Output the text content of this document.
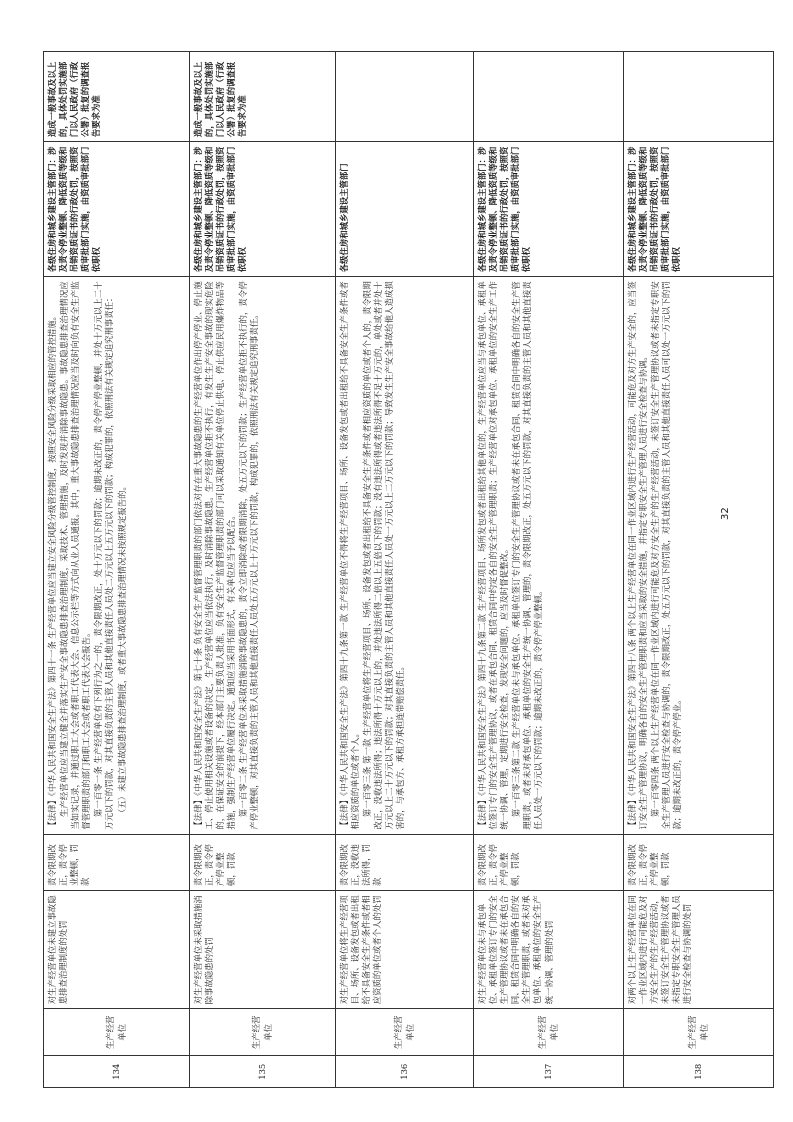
134	生产经营单位	对生产经营单位未建立事故隐患排查治理制度的处罚	责令限期改正，责令停业整顿，罚款	【法律】《中华人民共和国安全生产法》第四十一条 生产经营单位应当建立安全风险分级管控制度，按照安全风险分级采取相应的管控措施。 生产经营单位应当建立健全并落实生产安全事故隐患排查治理制度，采取技术、管理措施，及时发现并消除事故隐患。事故隐患排查治理情况应当如实记录，并通过职工大会或者职工代表大会、信息公示栏等方式向从业人员通报。其中，重大事故隐患排查治理情况应当及时向负有安全生产监督管理职责的部门和职工大会或者职工代表大会报告。 第一百零一条 生产经营单位有下列行为之一的，责令限期改正，处十万元以下的罚款；逾期未改正的，责令停产停业整顿，并处十万元以上二十万元以下的罚款，对其直接负责的主管人员和其他直接责任人员处二万元以上五万元以下的罚款；构成犯罪的，依照刑法有关规定追究刑事责任： （五）未建立事故隐患排查治理制度，或者重大事故隐患排查治理情况未按照规定报告的。	各级住房和城乡建设主管部门：涉及责令停业整顿、降低资质等级和吊销资质证书的行政处罚，按照资质审批部门实施，由资质审批部门依职权	造成一般事故及以上的，具体处罚实施部门以人民政府（行政公署）批复的调查报告要求为准
135	生产经营单位	对生产经营单位未采取措施消除事故隐患的处罚	责令限期改正，责令停产停业整顿，罚款	【法律】《中华人民共和国安全生产法》第七十条 负有安全生产监督管理职责的部门依法对存在重大事故隐患的生产经营单位作出停产停业、停止施工、停止使用相关设施或者设备的决定，生产经营单位应当依法执行，及时消除事故隐患。生产经营单位拒不执行，有发生生产安全事故的现实危险的，在保证安全的前提下，经本部门主要负责人批准，负有安全生产监督管理职责的部门可以采取通知有关单位停止供电、停止供应民用爆炸物品等措施，强制生产经营单位履行决定。通知应当采用书面形式，有关单位应当予以配合。 第一百零二条 生产经营单位未采取措施消除事故隐患的，责令立即消除或者限期消除，处五万元以下的罚款；生产经营单位拒不执行的，责令停产停业整顿，对其直接负责的主管人员和其他直接责任人员处五万元以上十万元以下的罚款，构成犯罪的，依照刑法有关规定追究刑事责任。	各级住房和城乡建设主管部门：涉及责令停业整顿、降低资质等级和吊销资质证书的行政处罚，按照资质审批部门实施，由资质审批部门依职权	造成一般事故及以上的，具体处罚实施部门以人民政府（行政公署）批复的调查报告要求为准
136	生产经营单位	对生产经营单位将生产经营项目、场所、设备发包或者出租给不具备安全生产条件或者相应资质的单位或者个人的处罚	责令限期改正，没收违法所得，罚款	【法律】《中华人民共和国安全生产法》第四十九条第一款 生产经营单位不得将生产经营项目、场所、设备发包或者出租给不具备安全生产条件或者相应资质的单位或者个人。 第一百零三条 第一款 生产经营单位将生产经营项目、场所、设备发包或者出租给不具备安全生产条件或者相应资质的单位或者个人的，责令限期改正，没收违法所得；违法所得十万元以上的，并处违法所得二倍以上五倍以下的罚款；没有违法所得或者违法所得不足十万元的，单处或者并处十万元以上二十万元以下的罚款；对其直接负责的主管人员和其他直接责任人员处一万元以上二万元以下的罚款；导致发生生产安全事故给他人造成损害的，与承包方、承租方承担连带赔偿责任。	各级住房和城乡建设主管部门	
137	生产经营单位	对生产经营单位未与承包单位、承租单位签订专门的安全生产管理协议或者未在承包合同、租赁合同中明确各自的安全生产管理职责，或者未对承包单位、承租单位的安全生产统一协调、管理的处罚	责令限期改正，责令停产停业整顿，罚款	【法律】《中华人民共和国安全生产法》第四十九条第二款 生产经营项目、场所发包或者出租给其他单位的，生产经营单位应当与承包单位、承租单位签订专门的安全生产管理协议，或者在承包合同、租赁合同中约定各自的安全生产管理职责；生产经营单位对承包单位、承租单位的安全生产工作统一协调、管理，定期进行安全检查，发现安全问题的，应当及时督促整改。 第一百零三条第二款 生产经营单位未与承包单位、承租单位签订专门的安全生产管理协议或者未在承包合同、租赁合同中明确各自的安全生产管理职责，或者未对承包单位、承租单位的安全生产统一协调、管理的，责令限期改正，处五万元以下的罚款，对其直接负责的主管人员和其他直接责任人员处一万元以下的罚款；逾期未改正的，责令停产停业整顿。	各级住房和城乡建设主管部门：涉及责令停业整顿、降低资质等级和吊销资质证书的行政处罚，按照资质审批部门实施，由资质审批部门依职权	
138	生产经营单位	对两个以上生产经营单位在同一作业区域内进行可能危及对方安全生产的生产经营活动，未签订安全生产管理协议或者未指定专职安全生产管理人员进行安全检查与协调的处罚	责令限期改正，责令停产停业整顿，罚款	【法律】《中华人民共和国安全生产法》第四十八条 两个以上生产经营单位在同一作业区域内进行生产经营活动，可能危及对方生产安全的，应当签订安全生产管理协议，明确各自的安全生产管理职责和应当采取的安全措施，并指定专职安全生产管理人员进行安全检查与协调。 第一百零四条 两个以上生产经营单位在同一作业区域内进行可能危及对方安全生产的生产经营活动，未签订安全生产管理协议或者未指定专职安全生产管理人员进行安全检查与协调的，责令限期改正，处五万元以下的罚款，对其直接负责的主管人员和其他直接责任人员可以处一万元以下的罚款；逾期未改正的，责令停产停业。	各级住房和城乡建设主管部门：涉及责令停业整顿、降低资质等级和吊销资质证书的行政处罚，按照资质审批部门实施，由资质审批部门依职权	
32
